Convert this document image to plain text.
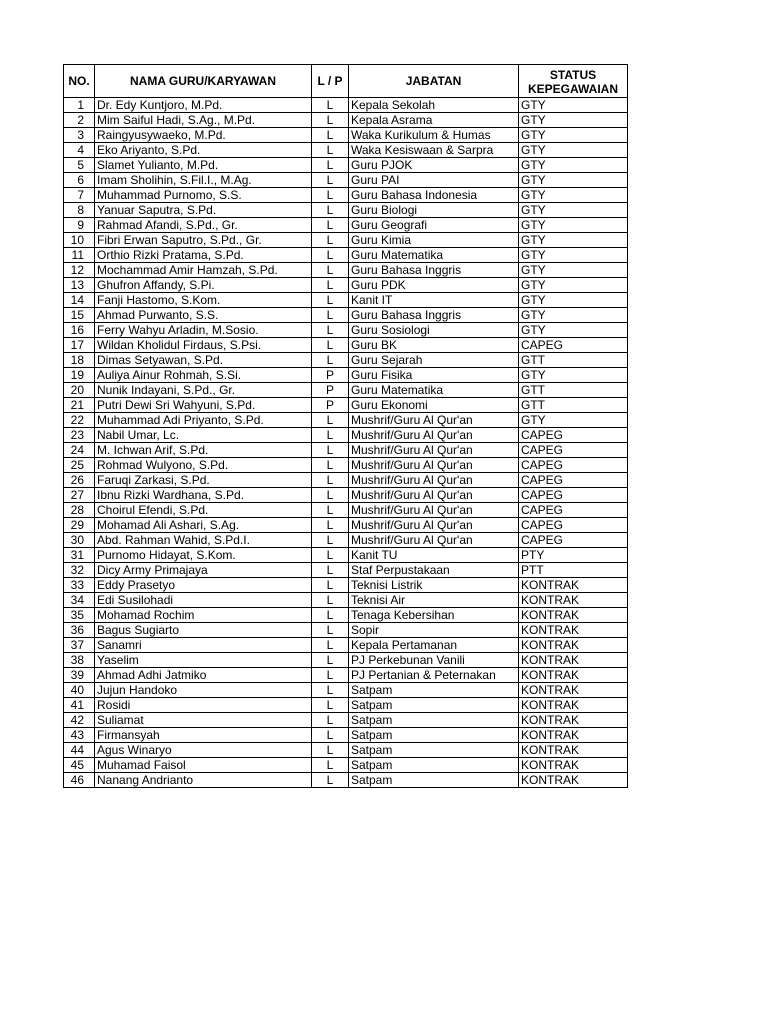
NO.	NAMA GURU/KARYAWAN	L / P	JABATAN	STATUS
KEPEGAWAIAN
1	Dr. Edy Kuntjoro, M.Pd.	L	Kepala Sekolah	GTY
2	Mim Saiful Hadi, S.Ag., M.Pd.	L	Kepala Asrama	GTY
3	Raingyusywaeko, M.Pd.	L	Waka Kurikulum & Humas	GTY
4	Eko Ariyanto, S.Pd.	L	Waka Kesiswaan & Sarpra	GTY
5	Slamet Yulianto, M.Pd.	L	Guru PJOK	GTY
6	Imam Sholihin, S.Fil.I., M.Ag.	L	Guru PAI	GTY
7	Muhammad Purnomo, S.S.	L	Guru Bahasa Indonesia	GTY
8	Yanuar Saputra, S.Pd.	L	Guru Biologi	GTY
9	Rahmad Afandi, S.Pd., Gr.	L	Guru Geografi	GTY
10	Fibri Erwan Saputro, S.Pd., Gr.	L	Guru Kimia	GTY
11	Orthio Rizki Pratama, S.Pd.	L	Guru Matematika	GTY
12	Mochammad Amir Hamzah, S.Pd.	L	Guru Bahasa Inggris	GTY
13	Ghufron Affandy, S.Pi.	L	Guru PDK	GTY
14	Fanji Hastomo, S.Kom.	L	Kanit IT	GTY
15	Ahmad Purwanto, S.S.	L	Guru Bahasa Inggris	GTY
16	Ferry Wahyu Arladin, M.Sosio.	L	Guru Sosiologi	GTY
17	Wildan Kholidul Firdaus, S.Psi.	L	Guru BK	CAPEG
18	Dimas Setyawan, S.Pd.	L	Guru Sejarah	GTT
19	Auliya Ainur Rohmah, S.Si.	P	Guru Fisika	GTY
20	Nunik Indayani, S.Pd., Gr.	P	Guru Matematika	GTT
21	Putri Dewi Sri Wahyuni, S.Pd.	P	Guru Ekonomi	GTT
22	Muhammad Adi Priyanto, S.Pd.	L	Mushrif/Guru Al Qur'an	GTY
23	Nabil Umar, Lc.	L	Mushrif/Guru Al Qur'an	CAPEG
24	M. Ichwan Arif, S.Pd.	L	Mushrif/Guru Al Qur'an	CAPEG
25	Rohmad Wulyono, S.Pd.	L	Mushrif/Guru Al Qur'an	CAPEG
26	Faruqi Zarkasi, S.Pd.	L	Mushrif/Guru Al Qur'an	CAPEG
27	Ibnu Rizki Wardhana, S.Pd.	L	Mushrif/Guru Al Qur'an	CAPEG
28	Choirul Efendi, S.Pd.	L	Mushrif/Guru Al Qur'an	CAPEG
29	Mohamad Ali Ashari, S.Ag.	L	Mushrif/Guru Al Qur'an	CAPEG
30	Abd. Rahman Wahid, S.Pd.I.	L	Mushrif/Guru Al Qur'an	CAPEG
31	Purnomo Hidayat, S.Kom.	L	Kanit TU	PTY
32	Dicy Army Primajaya	L	Staf Perpustakaan	PTT
33	Eddy Prasetyo	L	Teknisi Listrik	KONTRAK
34	Edi Susilohadi	L	Teknisi Air	KONTRAK
35	Mohamad Rochim	L	Tenaga Kebersihan	KONTRAK
36	Bagus Sugiarto	L	Sopir	KONTRAK
37	Sanamri	L	Kepala Pertamanan	KONTRAK
38	Yaselim	L	PJ Perkebunan Vanili	KONTRAK
39	Ahmad Adhi Jatmiko	L	PJ Pertanian & Peternakan	KONTRAK
40	Jujun Handoko	L	Satpam	KONTRAK
41	Rosidi	L	Satpam	KONTRAK
42	Suliamat	L	Satpam	KONTRAK
43	Firmansyah	L	Satpam	KONTRAK
44	Agus Winaryo	L	Satpam	KONTRAK
45	Muhamad Faisol	L	Satpam	KONTRAK
46	Nanang Andrianto	L	Satpam	KONTRAK
